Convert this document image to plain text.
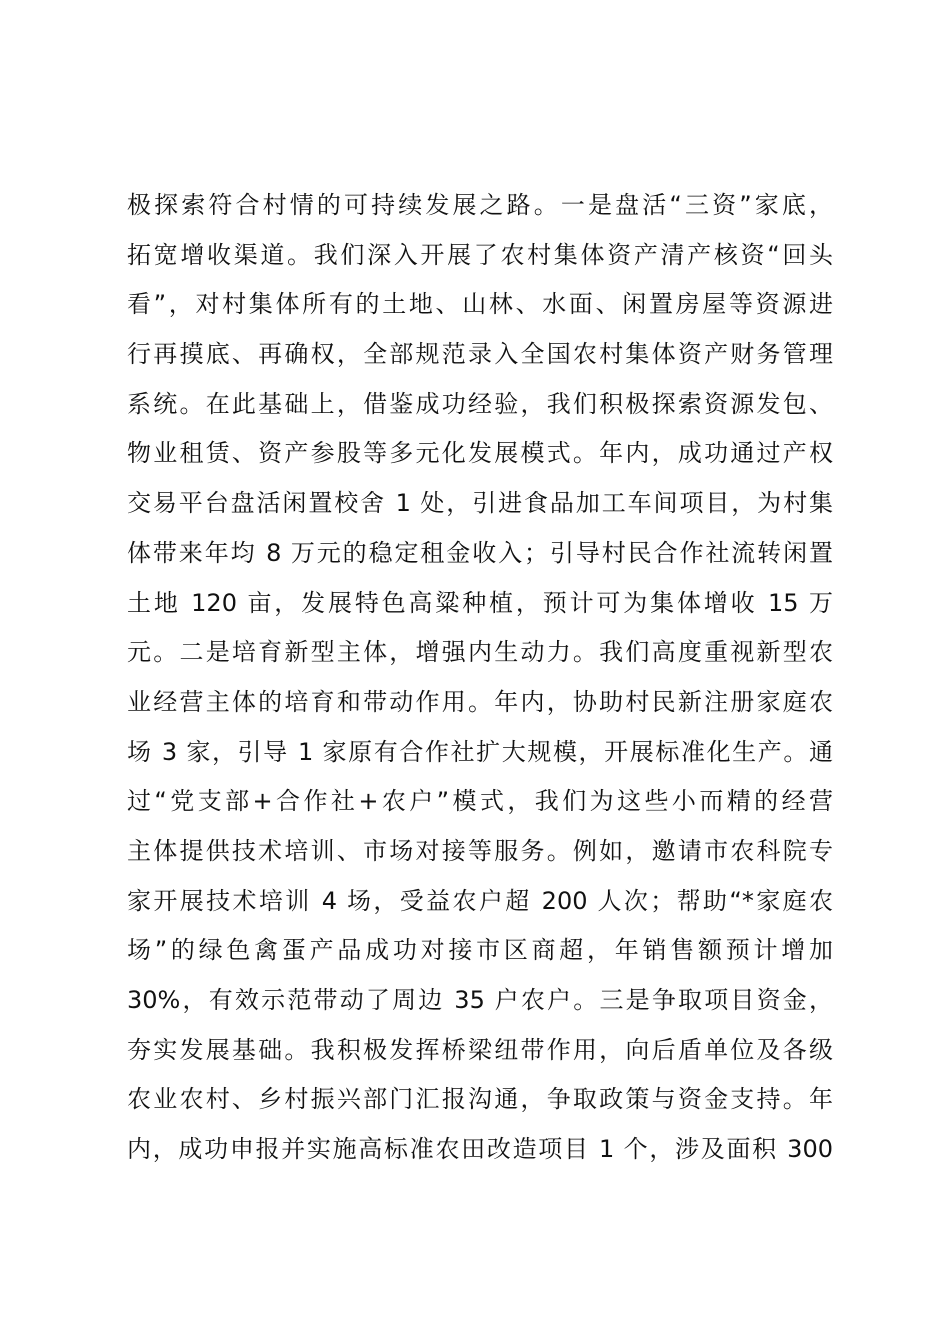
极探索符合村情的可持续发展之路。一是盘活“三资”家底，
拓宽增收渠道。我们深入开展了农村集体资产清产核资“回头
看”，对村集体所有的土地、山林、水面、闲置房屋等资源进
行再摸底、再确权，全部规范录入全国农村集体资产财务管理
系统。在此基础上，借鉴成功经验，我们积极探索资源发包、
物业租赁、资产参股等多元化发展模式。年内，成功通过产权
交易平台盘活闲置校舍 1 处，引进食品加工车间项目，为村集
体带来年均 8 万元的稳定租金收入；引导村民合作社流转闲置
土地 120 亩，发展特色高粱种植，预计可为集体增收 15 万
元。二是培育新型主体，增强内生动力。我们高度重视新型农
业经营主体的培育和带动作用。年内，协助村民新注册家庭农
场 3 家，引导 1 家原有合作社扩大规模，开展标准化生产。通
过“党支部+合作社+农户”模式，我们为这些小而精的经营
主体提供技术培训、市场对接等服务。例如，邀请市农科院专
家开展技术培训 4 场，受益农户超 200 人次；帮助“*家庭农
场”的绿色禽蛋产品成功对接市区商超，年销售额预计增加
30%，有效示范带动了周边 35 户农户。三是争取项目资金，
夯实发展基础。我积极发挥桥梁纽带作用，向后盾单位及各级
农业农村、乡村振兴部门汇报沟通，争取政策与资金支持。年
内，成功申报并实施高标准农田改造项目 1 个，涉及面积 300
